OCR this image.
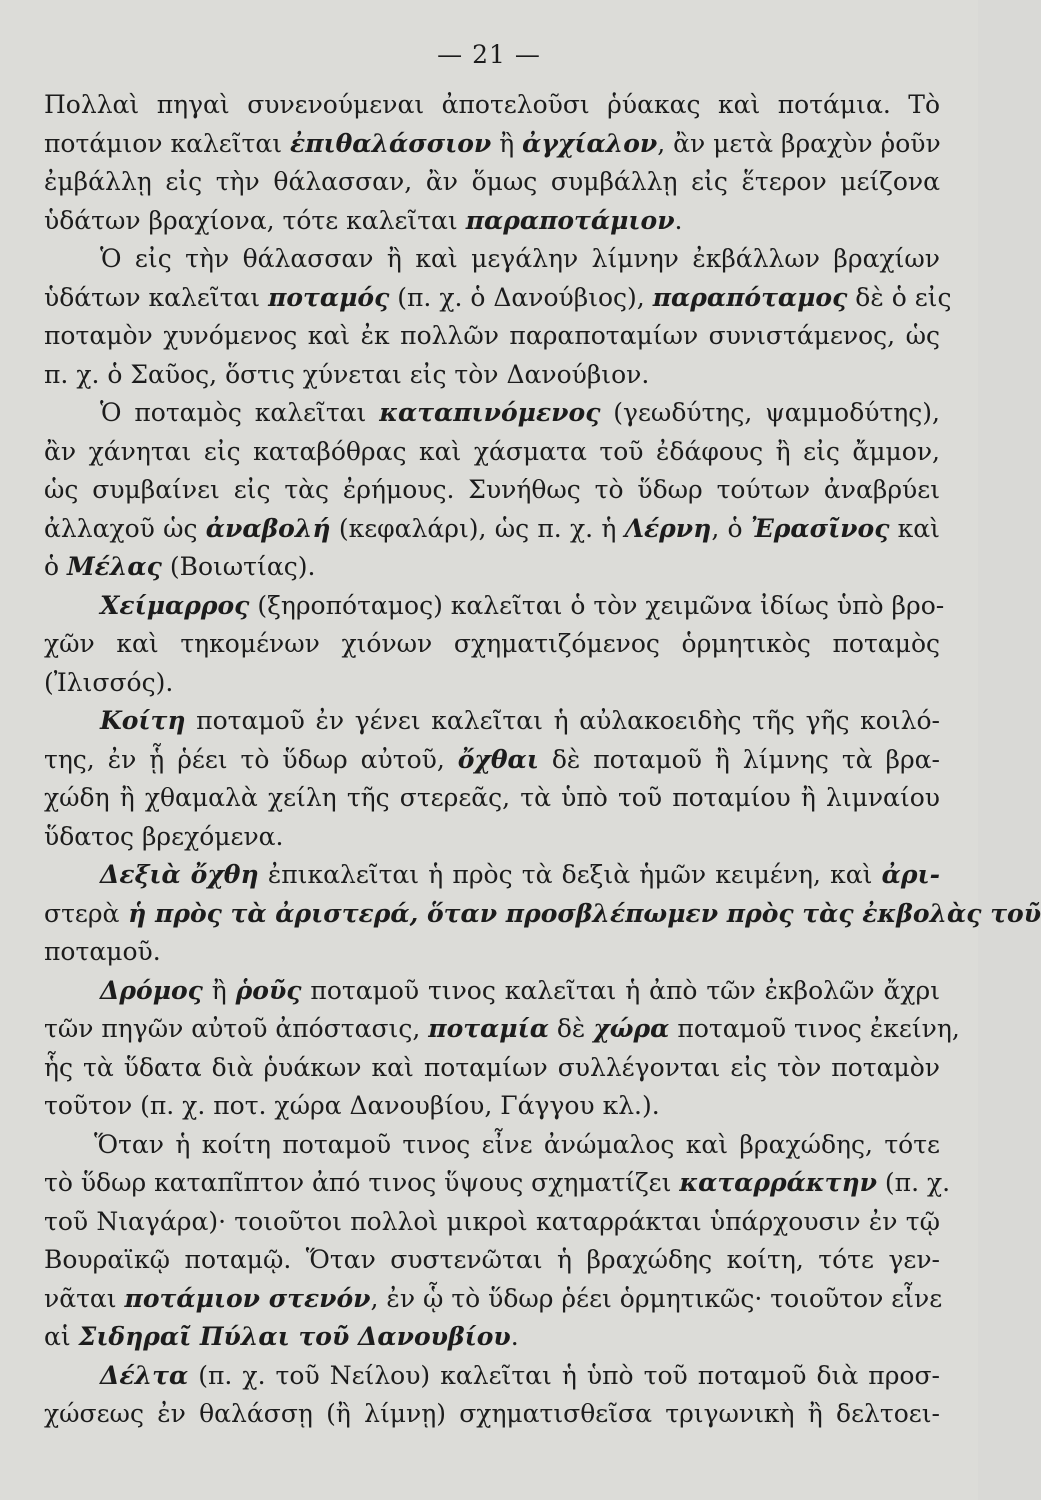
— 21 —
Πολλαὶ πηγαὶ συνενούμεναι ἀποτελοῦσι ῥύακας καὶ ποτάμια. Τὸ
ποτάμιον καλεῖται ἐπιθαλάσσιον ἢ ἀγχίαλον, ἂν μετὰ βραχὺν ῥοῦν
ἐμβάλλῃ εἰς τὴν θάλασσαν, ἂν ὅμως συμβάλλῃ εἰς ἕτερον μείζονα
ὑδάτων βραχίονα, τότε καλεῖται παραποτάμιον.
Ὁ εἰς τὴν θάλασσαν ἢ καὶ μεγάλην λίμνην ἐκβάλλων βραχίων
ὑδάτων καλεῖται ποταμός (π. χ. ὁ Δανούβιος), παραπόταμος δὲ ὁ εἰς
ποταμὸν χυνόμενος καὶ ἐκ πολλῶν παραποταμίων συνιστάμενος, ὡς
π. χ. ὁ Σαῦος, ὅστις χύνεται εἰς τὸν Δανούβιον.
Ὁ ποταμὸς καλεῖται καταπινόμενος (γεωδύτης, ψαμμοδύτης),
ἂν χάνηται εἰς καταβόθρας καὶ χάσματα τοῦ ἐδάφους ἢ εἰς ἄμμον,
ὡς συμβαίνει εἰς τὰς ἐρήμους. Συνήθως τὸ ὕδωρ τούτων ἀναβρύει
ἀλλαχοῦ ὡς ἀναβολή (κεφαλάρι), ὡς π. χ. ἡ Λέρνη, ὁ Ἐρασῖνος καὶ
ὁ Μέλας (Βοιωτίας).
Χείμαρρος (ξηροπόταμος) καλεῖται ὁ τὸν χειμῶνα ἰδίως ὑπὸ βρο-
χῶν καὶ τηκομένων χιόνων σχηματιζόμενος ὁρμητικὸς ποταμὸς
(Ἰλισσός).
Κοίτη ποταμοῦ ἐν γένει καλεῖται ἡ αὐλακοειδὴς τῆς γῆς κοιλό-
της, ἐν ᾗ ῥέει τὸ ὕδωρ αὐτοῦ, ὄχθαι δὲ ποταμοῦ ἢ λίμνης τὰ βρα-
χώδη ἢ χθαμαλὰ χείλη τῆς στερεᾶς, τὰ ὑπὸ τοῦ ποταμίου ἢ λιμναίου
ὕδατος βρεχόμενα.
Δεξιὰ ὄχθη ἐπικαλεῖται ἡ πρὸς τὰ δεξιὰ ἡμῶν κειμένη, καὶ ἀρι-
στερὰ ἡ πρὸς τὰ ἀριστερά, ὅταν προσβλέπωμεν πρὸς τὰς ἐκβολὰς τοῦ
ποταμοῦ.
Δρόμος ἢ ῥοῦς ποταμοῦ τινος καλεῖται ἡ ἀπὸ τῶν ἐκβολῶν ἄχρι
τῶν πηγῶν αὐτοῦ ἀπόστασις, ποταμία δὲ χώρα ποταμοῦ τινος ἐκείνη,
ἧς τὰ ὕδατα διὰ ῥυάκων καὶ ποταμίων συλλέγονται εἰς τὸν ποταμὸν
τοῦτον (π. χ. ποτ. χώρα Δανουβίου, Γάγγου κλ.).
Ὅταν ἡ κοίτη ποταμοῦ τινος εἶνε ἀνώμαλος καὶ βραχώδης, τότε
τὸ ὕδωρ καταπῖπτον ἀπό τινος ὕψους σχηματίζει καταρράκτην (π. χ.
τοῦ Νιαγάρα)· τοιοῦτοι πολλοὶ μικροὶ καταρράκται ὑπάρχουσιν ἐν τῷ
Βουραϊκῷ ποταμῷ. Ὅταν συστενῶται ἡ βραχώδης κοίτη, τότε γεν-
νᾶται ποτάμιον στενόν, ἐν ᾧ τὸ ὕδωρ ῥέει ὁρμητικῶς· τοιοῦτον εἶνε
αἱ Σιδηραῖ Πύλαι τοῦ Δανουβίου.
Δέλτα (π. χ. τοῦ Νείλου) καλεῖται ἡ ὑπὸ τοῦ ποταμοῦ διὰ προσ-
χώσεως ἐν θαλάσσῃ (ἢ λίμνῃ) σχηματισθεῖσα τριγωνικὴ ἢ δελτοει-
